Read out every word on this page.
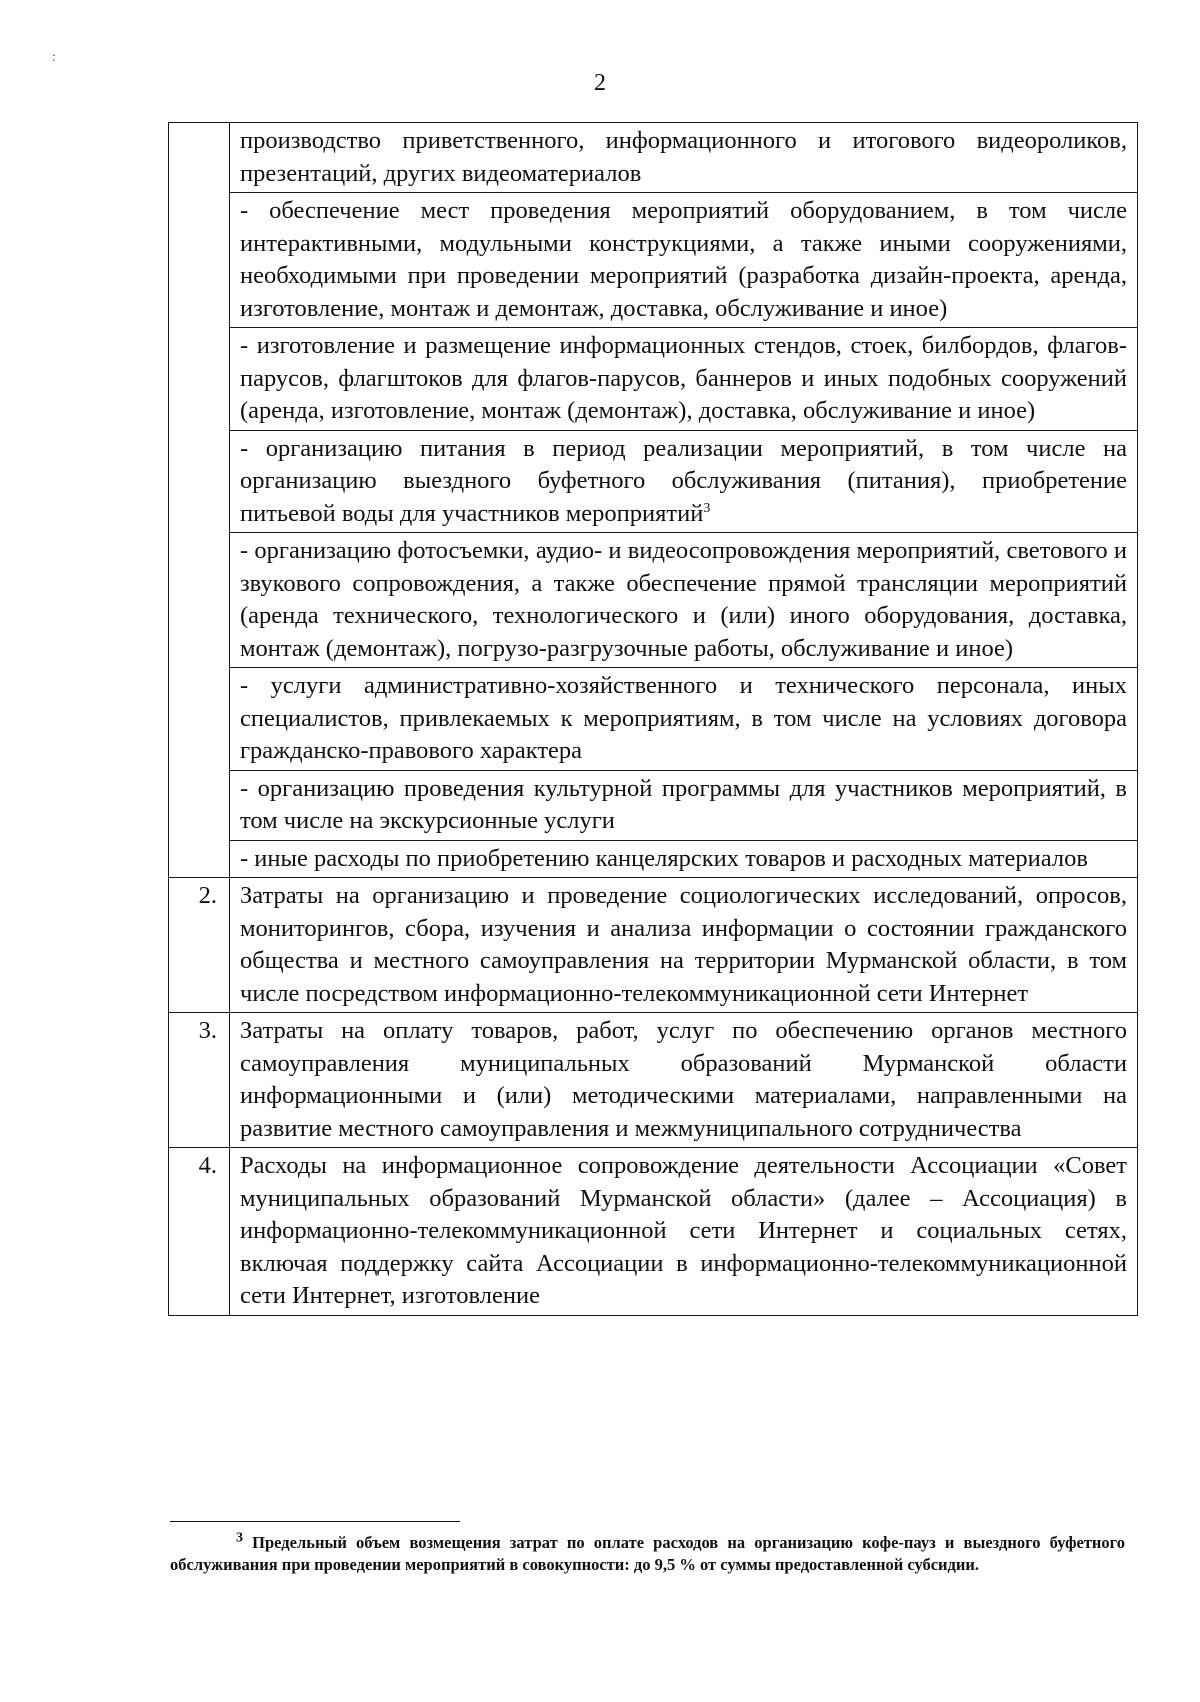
:
2
	производство приветственного, информационного и итогового видеороликов, презентаций, других видеоматериалов
	- обеспечение мест проведения мероприятий оборудованием, в том числе интерактивными, модульными конструкциями, а также иными сооружениями, необходимыми при проведении мероприятий (разработка дизайн-проекта, аренда, изготовление, монтаж и демонтаж, доставка, обслуживание и иное)
	- изготовление и размещение информационных стендов, стоек, билбордов, флагов-парусов, флагштоков для флагов-парусов, баннеров и иных подобных сооружений (аренда, изготовление, монтаж (демонтаж), доставка, обслуживание и иное)
	- организацию питания в период реализации мероприятий, в том числе на организацию выездного буфетного обслуживания (питания), приобретение питьевой воды для участников мероприятий$^3$
	- организацию фотосъемки, аудио- и видеосопровождения мероприятий, светового и звукового сопровождения, а также обеспечение прямой трансляции мероприятий (аренда технического, технологического и (или) иного оборудования, доставка, монтаж (демонтаж), погрузо-разгрузочные работы, обслуживание и иное)
	- услуги административно-хозяйственного и технического персонала, иных специалистов, привлекаемых к мероприятиям, в том числе на условиях договора гражданско-правового характера
	- организацию проведения культурной программы для участников мероприятий, в том числе на экскурсионные услуги
	- иные расходы по приобретению канцелярских товаров и расходных материалов
2.	Затраты на организацию и проведение социологических исследований, опросов, мониторингов, сбора, изучения и анализа информации о состоянии гражданского общества и местного самоуправления на территории Мурманской области, в том числе посредством информационно-телекоммуникационной сети Интернет
3.	Затраты на оплату товаров, работ, услуг по обеспечению органов местного самоуправления муниципальных образований Мурманской области информационными и (или) методическими материалами, направленными на развитие местного самоуправления и межмуниципального сотрудничества
4.	Расходы на информационное сопровождение деятельности Ассоциации «Совет муниципальных образований Мурманской области» (далее – Ассоциация) в информационно-телекоммуникационной сети Интернет и социальных сетях, включая поддержку сайта Ассоциации в информационно-телекоммуникационной сети Интернет, изготовление
$^3$ Предельный объем возмещения затрат по оплате расходов на организацию кофе-пауз и выездного буфетного обслуживания при проведении мероприятий в совокупности: до 9,5 % от суммы предоставленной субсидии.
